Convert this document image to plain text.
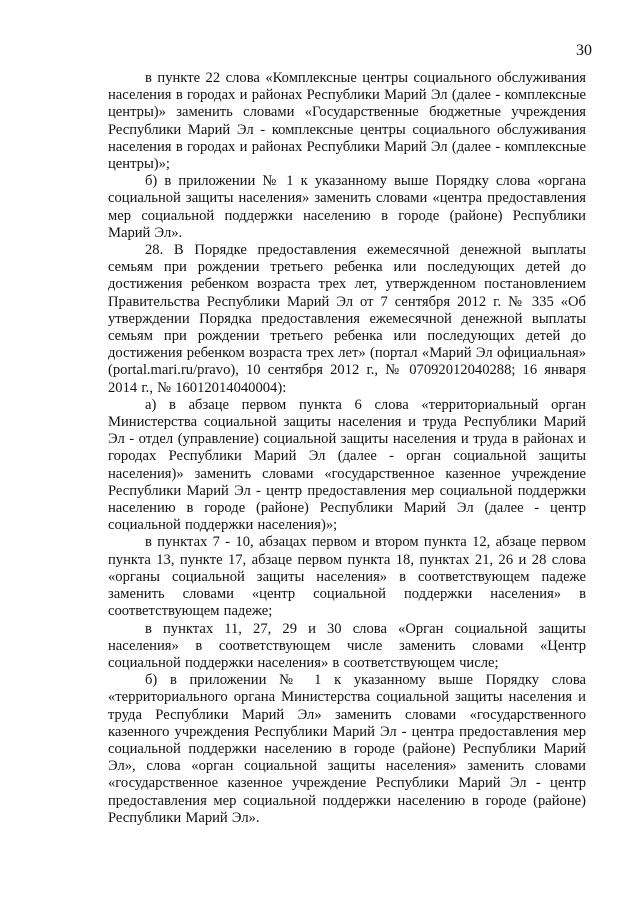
30

в пункте 22 слова «Комплексные центры социального обслуживания населения в городах и районах Республики Марий Эл (далее - комплексные центры)» заменить словами «Государственные бюджетные учреждения Республики Марий Эл - комплексные центры социального обслуживания населения в городах и районах Республики Марий Эл (далее - комплексные центры)»;

б) в приложении № 1 к указанному выше Порядку слова «органа социальной защиты населения» заменить словами «центра предоставления мер социальной поддержки населению в городе (районе) Республики Марий Эл».

28. В Порядке предоставления ежемесячной денежной выплаты семьям при рождении третьего ребенка или последующих детей до достижения ребенком возраста трех лет, утвержденном постановлением Правительства Республики Марий Эл от 7 сентября 2012 г. № 335 «Об утверждении Порядка предоставления ежемесячной денежной выплаты семьям при рождении третьего ребенка или последующих детей до достижения ребенком возраста трех лет» (портал «Марий Эл официальная» (portal.mari.ru/pravo), 10 сентября 2012 г., № 07092012040288; 16 января 2014 г., № 16012014040004):

а) в абзаце первом пункта 6 слова «территориальный орган Министерства социальной защиты населения и труда Республики Марий Эл - отдел (управление) социальной защиты населения и труда в районах и городах Республики Марий Эл (далее - орган социальной защиты населения)» заменить словами «государственное казенное учреждение Республики Марий Эл - центр предоставления мер социальной поддержки населению в городе (районе) Республики Марий Эл (далее - центр социальной поддержки населения)»;

в пунктах 7 - 10, абзацах первом и втором пункта 12, абзаце первом пункта 13, пункте 17, абзаце первом пункта 18, пунктах 21, 26 и 28 слова «органы социальной защиты населения» в соответствующем падеже заменить словами «центр социальной поддержки населения» в соответствующем падеже;

в пунктах 11, 27, 29 и 30 слова «Орган социальной защиты населения» в соответствующем числе заменить словами «Центр социальной поддержки населения» в соответствующем числе;

б) в приложении № 1 к указанному выше Порядку слова «территориального органа Министерства социальной защиты населения и труда Республики Марий Эл» заменить словами «государственного казенного учреждения Республики Марий Эл - центра предоставления мер социальной поддержки населению в городе (районе) Республики Марий Эл», слова «орган социальной защиты населения» заменить словами «государственное казенное учреждение Республики Марий Эл - центр предоставления мер социальной поддержки населению в городе (районе) Республики Марий Эл».
